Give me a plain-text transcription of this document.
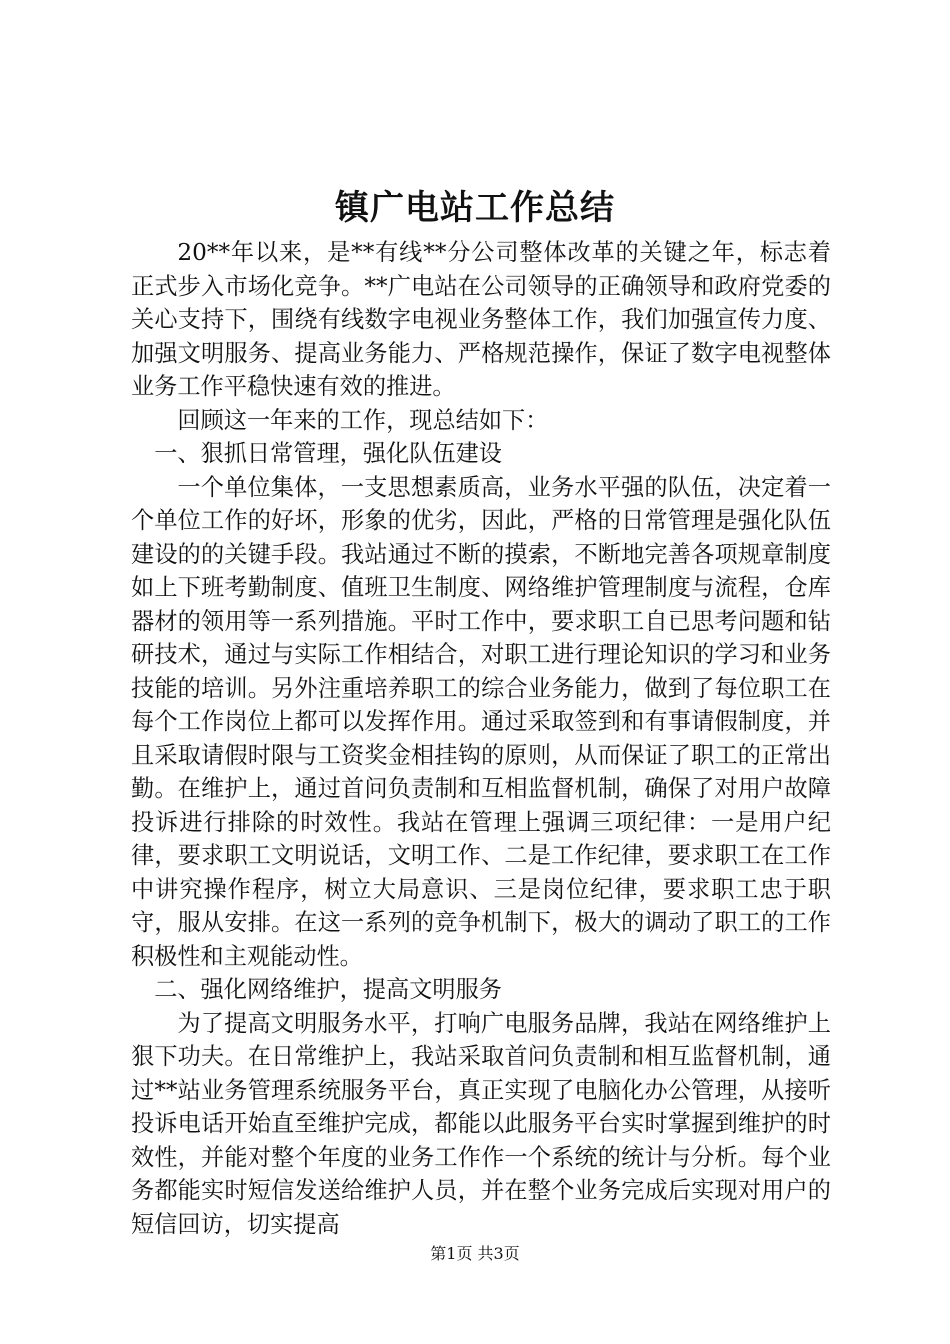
镇广电站工作总结

20**年以来，是**有线**分公司整体改革的关键之年，标志着正式步入市场化竞争。**广电站在公司领导的正确领导和政府党委的关心支持下，围绕有线数字电视业务整体工作，我们加强宣传力度、加强文明服务、提高业务能力、严格规范操作，保证了数字电视整体业务工作平稳快速有效的推进。

回顾这一年来的工作，现总结如下：

一、狠抓日常管理，强化队伍建设

一个单位集体，一支思想素质高，业务水平强的队伍，决定着一个单位工作的好坏，形象的优劣，因此，严格的日常管理是强化队伍建设的的关键手段。我站通过不断的摸索，不断地完善各项规章制度如上下班考勤制度、值班卫生制度、网络维护管理制度与流程，仓库器材的领用等一系列措施。平时工作中，要求职工自已思考问题和钻研技术，通过与实际工作相结合，对职工进行理论知识的学习和业务技能的培训。另外注重培养职工的综合业务能力，做到了每位职工在每个工作岗位上都可以发挥作用。通过采取签到和有事请假制度，并且采取请假时限与工资奖金相挂钩的原则，从而保证了职工的正常出勤。在维护上，通过首问负责制和互相监督机制，确保了对用户故障投诉进行排除的时效性。我站在管理上强调三项纪律：一是用户纪律，要求职工文明说话，文明工作、二是工作纪律，要求职工在工作中讲究操作程序，树立大局意识、三是岗位纪律，要求职工忠于职守，服从安排。在这一系列的竞争机制下，极大的调动了职工的工作积极性和主观能动性。

二、强化网络维护，提高文明服务

为了提高文明服务水平，打响广电服务品牌，我站在网络维护上狠下功夫。在日常维护上，我站采取首问负责制和相互监督机制，通过**站业务管理系统服务平台，真正实现了电脑化办公管理，从接听投诉电话开始直至维护完成，都能以此服务平台实时掌握到维护的时效性，并能对整个年度的业务工作作一个系统的统计与分析。每个业务都能实时短信发送给维护人员，并在整个业务完成后实现对用户的短信回访，切实提高

第1页 共3页
